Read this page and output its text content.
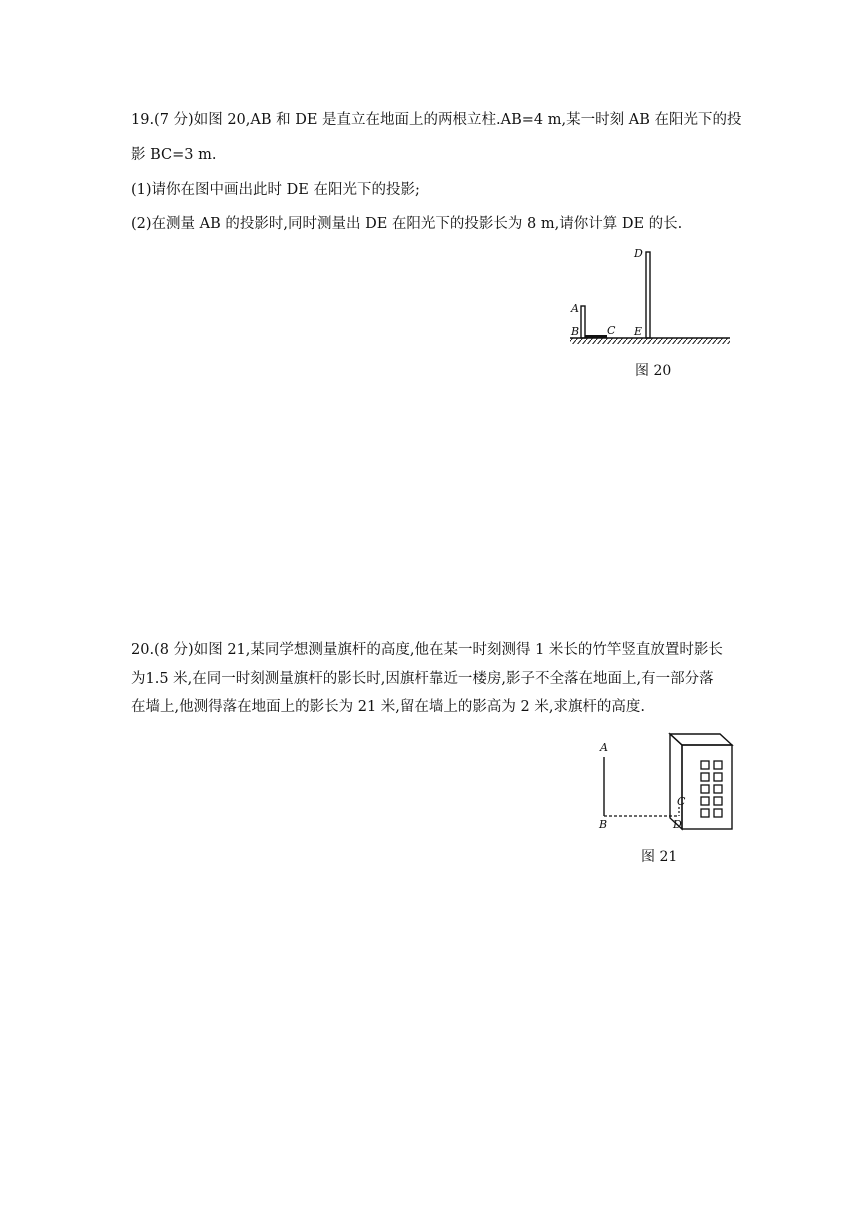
19.(7 分)如图 20,AB 和 DE 是直立在地面上的两根立柱.AB=4 m,某一时刻 AB 在阳光下的投
影 BC=3 m.
(1)请你在图中画出此时 DE 在阳光下的投影;
(2)在测量 AB 的投影时,同时测量出 DE 在阳光下的投影长为 8 m,请你计算 DE 的长.
A
B	C
D
E
图 20
20.(8 分)如图 21,某同学想测量旗杆的高度,他在某一时刻测得 1 米长的竹竿竖直放置时影长
为1.5 米,在同一时刻测量旗杆的影长时,因旗杆靠近一楼房,影子不全落在地面上,有一部分落
在墙上,他测得落在地面上的影长为 21 米,留在墙上的影高为 2 米,求旗杆的高度.
A
B
C
D
图 21
